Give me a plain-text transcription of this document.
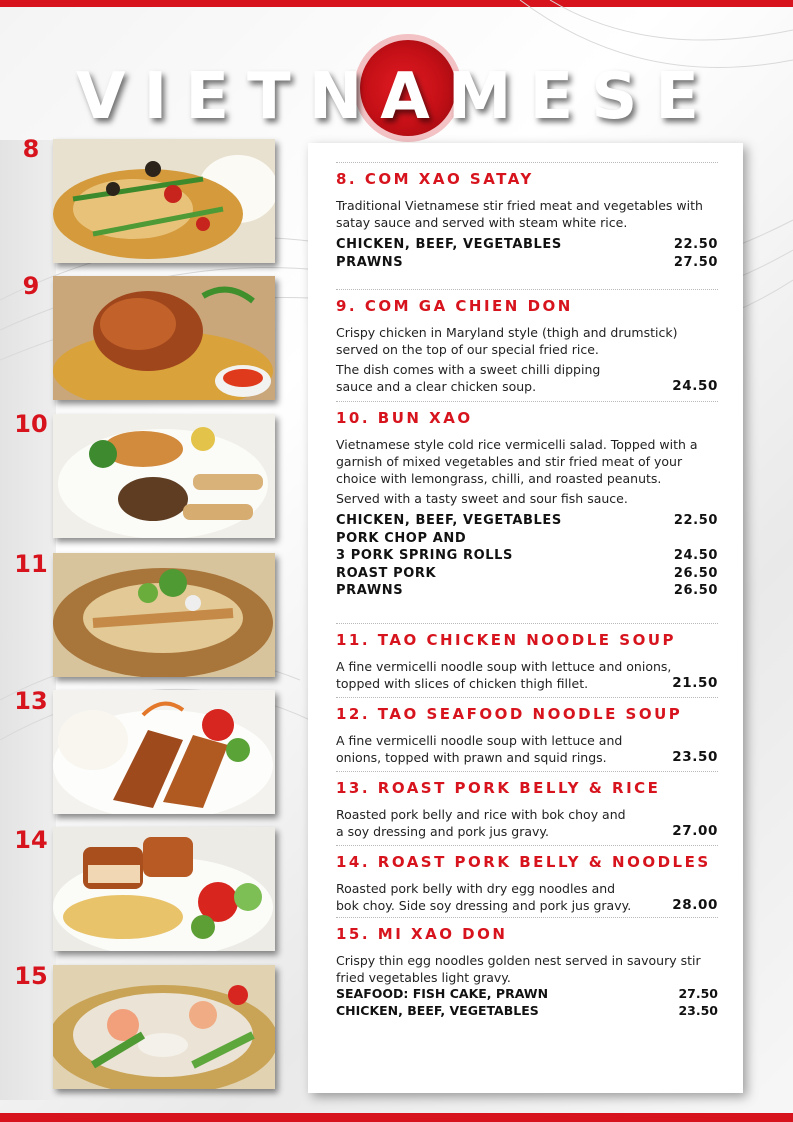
VIETNAMESE
8
9
10
11
13
14
15
8. COM XAO SATAY

Traditional Vietnamese stir fried meat and vegetables with satay sauce and served with steam white rice.

CHICKEN, BEEF, VEGETABLES	22.50
PRAWNS	27.50
9. COM GA CHIEN DON

Crispy chicken in Maryland style (thigh and drumstick) served on the top of our special fried rice.

The dish comes with a sweet chilli dipping

sauce and a clear chicken soup.	24.50
10. BUN XAO

Vietnamese style cold rice vermicelli salad. Topped with a garnish of mixed vegetables and stir fried meat of your choice with lemongrass, chilli, and roasted peanuts.

Served with a tasty sweet and sour fish sauce.

CHICKEN, BEEF, VEGETABLES	22.50
PORK CHOP AND
3 PORK SPRING ROLLS	24.50
ROAST PORK	26.50
PRAWNS	26.50
11. TAO CHICKEN NOODLE SOUP

A fine vermicelli noodle soup with lettuce and onions,

topped with slices of chicken thigh fillet.	21.50
12. TAO SEAFOOD NOODLE SOUP

A fine vermicelli noodle soup with lettuce and

onions, topped with prawn and squid rings.	23.50
13. ROAST PORK BELLY & RICE

Roasted pork belly and rice with bok choy and

a soy dressing and pork jus gravy.	27.00
14. ROAST PORK BELLY & NOODLES

Roasted pork belly with dry egg noodles and

bok choy. Side soy dressing and pork jus gravy.	28.00
15. MI XAO DON

Crispy thin egg noodles golden nest served in savoury stir fried vegetables light gravy.

SEAFOOD: FISH CAKE, PRAWN	27.50
CHICKEN, BEEF, VEGETABLES	23.50
